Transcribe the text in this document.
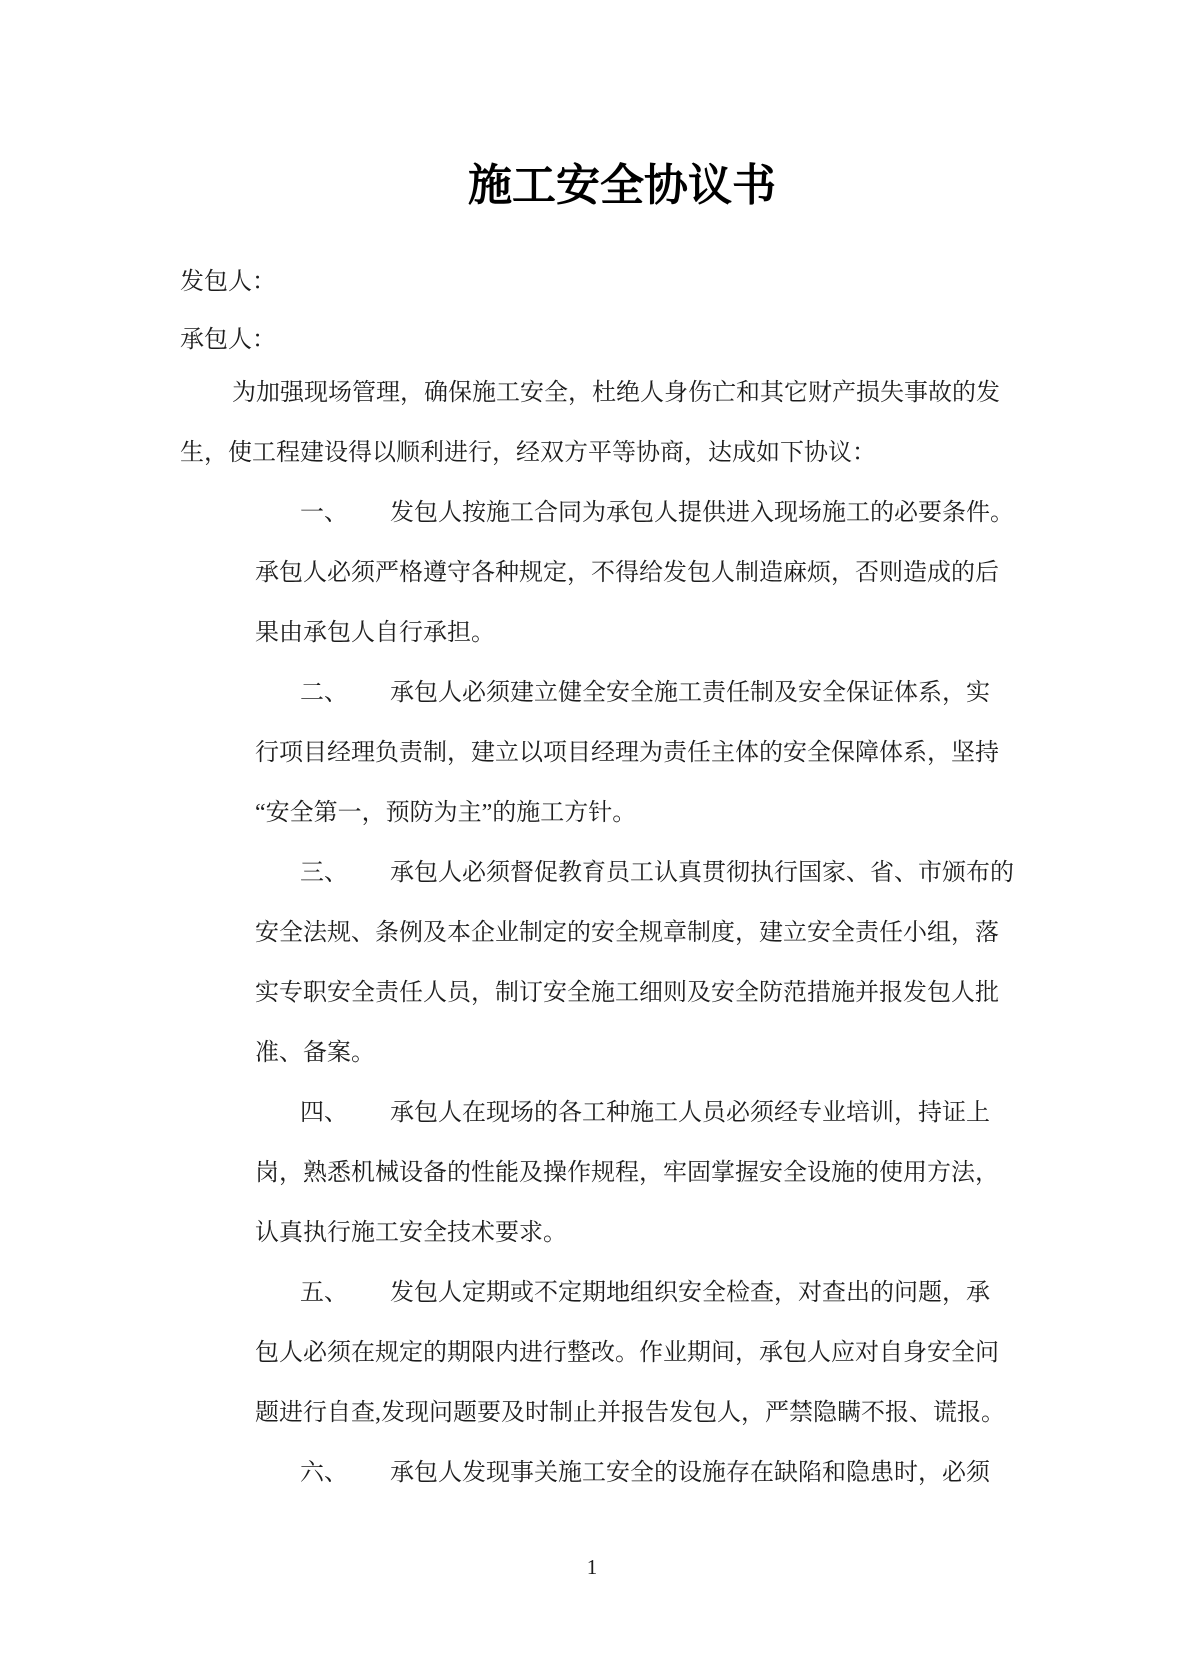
施工安全协议书
发包人：
承包人：
为加强现场管理，确保施工安全，杜绝人身伤亡和其它财产损失事故的发
生，使工程建设得以顺利进行，经双方平等协商，达成如下协议：
一、 发包人按施工合同为承包人提供进入现场施工的必要条件。
承包人必须严格遵守各种规定，不得给发包人制造麻烦，否则造成的后
果由承包人自行承担。
二、 承包人必须建立健全安全施工责任制及安全保证体系，实
行项目经理负责制，建立以项目经理为责任主体的安全保障体系，坚持
“安全第一，预防为主”的施工方针。
三、 承包人必须督促教育员工认真贯彻执行国家、省、市颁布的
安全法规、条例及本企业制定的安全规章制度，建立安全责任小组，落
实专职安全责任人员，制订安全施工细则及安全防范措施并报发包人批
准、备案。
四、 承包人在现场的各工种施工人员必须经专业培训，持证上
岗，熟悉机械设备的性能及操作规程，牢固掌握安全设施的使用方法，
认真执行施工安全技术要求。
五、 发包人定期或不定期地组织安全检查，对查出的问题，承
包人必须在规定的期限内进行整改。作业期间，承包人应对自身安全问
题进行自查,发现问题要及时制止并报告发包人，严禁隐瞒不报、谎报。
六、 承包人发现事关施工安全的设施存在缺陷和隐患时，必须
1
